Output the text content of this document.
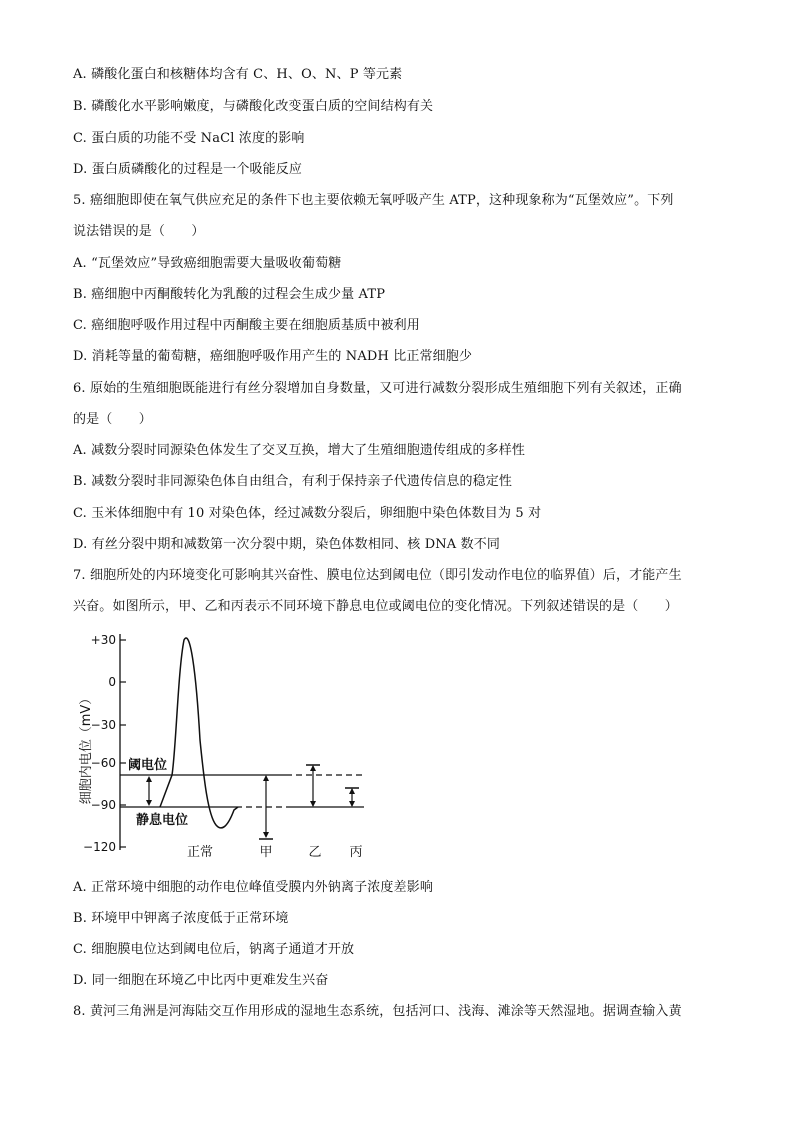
A. 磷酸化蛋白和核糖体均含有 C、H、O、N、P 等元素
B. 磷酸化水平影响嫩度，与磷酸化改变蛋白质的空间结构有关
C. 蛋白质的功能不受 NaCl 浓度的影响
D. 蛋白质磷酸化的过程是一个吸能反应
5. 癌细胞即使在氧气供应充足的条件下也主要依赖无氧呼吸产生 ATP，这种现象称为“瓦堡效应”。下列
说法错误的是（　　）
A. “瓦堡效应”导致癌细胞需要大量吸收葡萄糖
B. 癌细胞中丙酮酸转化为乳酸的过程会生成少量 ATP
C. 癌细胞呼吸作用过程中丙酮酸主要在细胞质基质中被利用
D. 消耗等量的葡萄糖，癌细胞呼吸作用产生的 NADH 比正常细胞少
6. 原始的生殖细胞既能进行有丝分裂增加自身数量，又可进行减数分裂形成生殖细胞下列有关叙述，正确
的是（　　）
A. 减数分裂时同源染色体发生了交叉互换，增大了生殖细胞遗传组成的多样性
B. 减数分裂时非同源染色体自由组合，有利于保持亲子代遗传信息的稳定性
C. 玉米体细胞中有 10 对染色体，经过减数分裂后，卵细胞中染色体数目为 5 对
D. 有丝分裂中期和减数第一次分裂中期，染色体数相同、核 DNA 数不同
7. 细胞所处的内环境变化可影响其兴奋性、膜电位达到阈电位（即引发动作电位的临界值）后，才能产生
兴奋。如图所示，甲、乙和丙表示不同环境下静息电位或阈电位的变化情况。下列叙述错误的是（　　）
+30
0
−30
−60
−90
−120
细胞内电位（mV）	阈电位
静息电位
正常	甲	乙 丙
A. 正常环境中细胞的动作电位峰值受膜内外钠离子浓度差影响
B. 环境甲中钾离子浓度低于正常环境
C. 细胞膜电位达到阈电位后，钠离子通道才开放
D. 同一细胞在环境乙中比丙中更难发生兴奋
8. 黄河三角洲是河海陆交互作用形成的湿地生态系统，包括河口、浅海、滩涂等天然湿地。据调查输入黄
